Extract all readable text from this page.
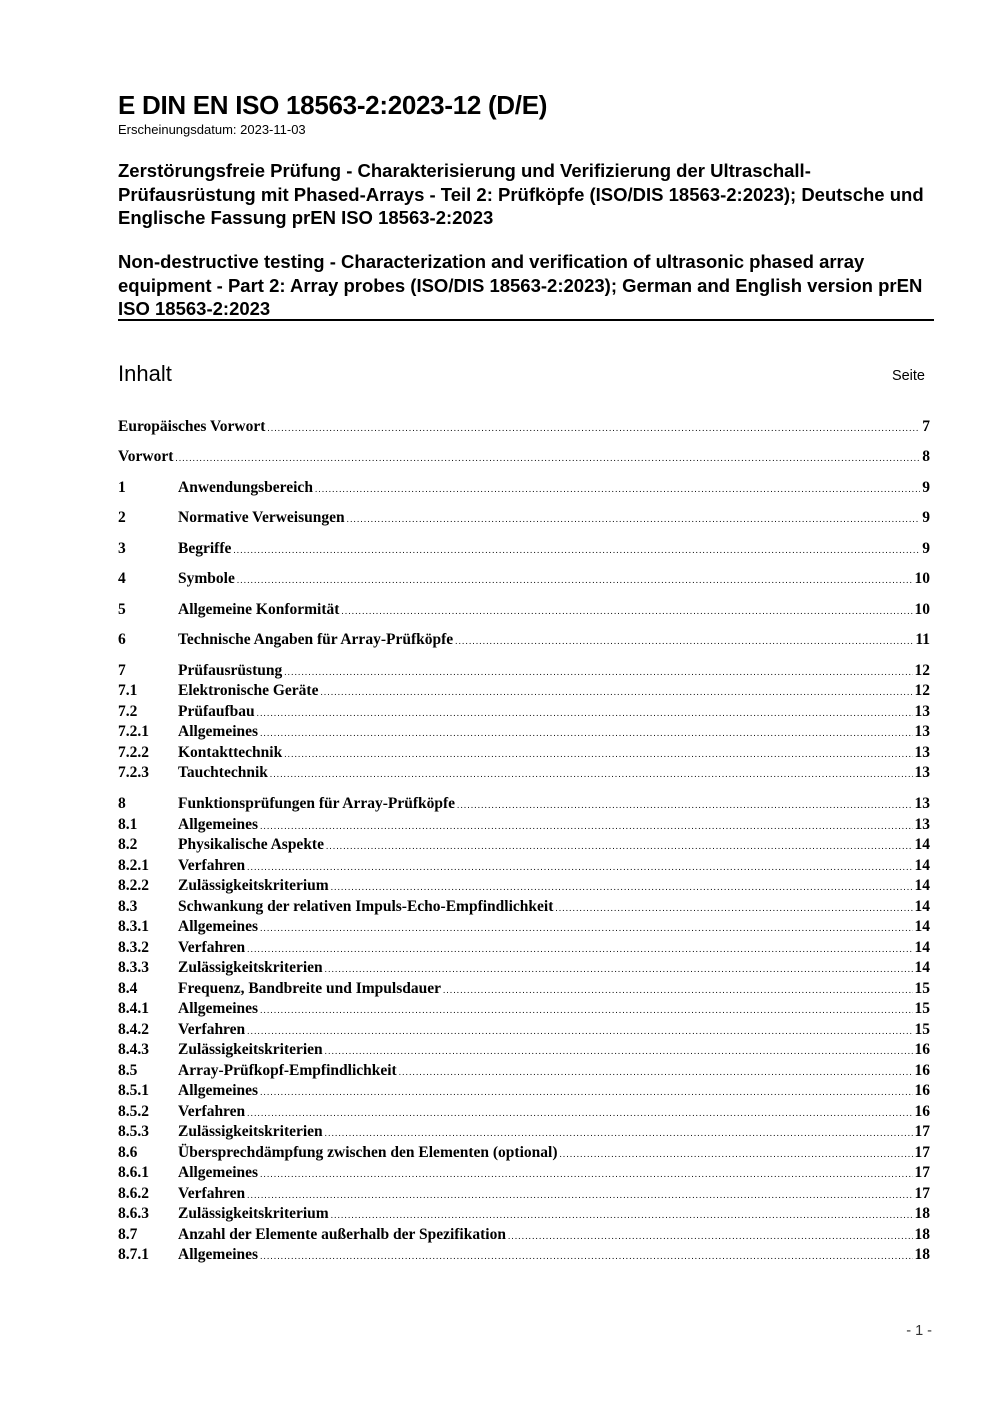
E DIN EN ISO 18563-2:2023-12 (D/E)
Erscheinungsdatum: 2023-11-03
Zerstörungsfreie Prüfung - Charakterisierung und Verifizierung der Ultraschall-Prüfausrüstung mit Phased-Arrays - Teil 2: Prüfköpfe (ISO/DIS 18563-2:2023); Deutsche und Englische Fassung prEN ISO 18563-2:2023
Non-destructive testing - Characterization and verification of ultrasonic phased array equipment - Part 2: Array probes (ISO/DIS 18563-2:2023); German and English version prEN ISO 18563-2:2023
Inhalt	Seite
Europäisches Vorwort .....	7
Vorwort .....	8
1	Anwendungsbereich .....	9
2	Normative Verweisungen .....	9
3	Begriffe .....	9
4	Symbole .....	10
5	Allgemeine Konformität .....	10
6	Technische Angaben für Array-Prüfköpfe .....	11
7	Prüfausrüstung .....	12
7.1	Elektronische Geräte .....	12
7.2	Prüfaufbau .....	13
7.2.1	Allgemeines .....	13
7.2.2	Kontakttechnik .....	13
7.2.3	Tauchtechnik .....	13
8	Funktionsprüfungen für Array-Prüfköpfe .....	13
8.1	Allgemeines .....	13
8.2	Physikalische Aspekte .....	14
8.2.1	Verfahren .....	14
8.2.2	Zulässigkeitskriterium .....	14
8.3	Schwankung der relativen Impuls-Echo-Empfindlichkeit .....	14
8.3.1	Allgemeines .....	14
8.3.2	Verfahren .....	14
8.3.3	Zulässigkeitskriterien .....	14
8.4	Frequenz, Bandbreite und Impulsdauer .....	15
8.4.1	Allgemeines .....	15
8.4.2	Verfahren .....	15
8.4.3	Zulässigkeitskriterien .....	16
8.5	Array-Prüfkopf-Empfindlichkeit .....	16
8.5.1	Allgemeines .....	16
8.5.2	Verfahren .....	16
8.5.3	Zulässigkeitskriterien .....	17
8.6	Übersprechdämpfung zwischen den Elementen (optional) .....	17
8.6.1	Allgemeines .....	17
8.6.2	Verfahren .....	17
8.6.3	Zulässigkeitskriterium .....	18
8.7	Anzahl der Elemente außerhalb der Spezifikation .....	18
8.7.1	Allgemeines .....	18
- 1 -
